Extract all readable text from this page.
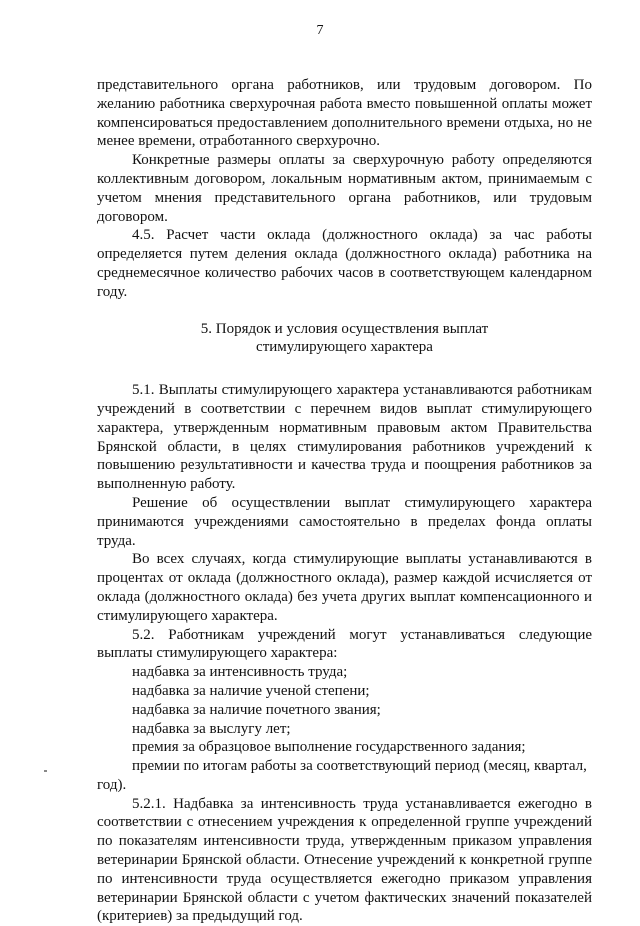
7

представительного органа работников, или трудовым договором. По желанию работника сверхурочная работа вместо повышенной оплаты может компенсироваться предоставлением дополнительного времени отдыха, но не менее времени, отработанного сверхурочно.

Конкретные размеры оплаты за сверхурочную работу определяются коллективным договором, локальным нормативным актом, принимаемым с учетом мнения представительного органа работников, или трудовым договором.

4.5. Расчет части оклада (должностного оклада) за час работы определяется путем деления оклада (должностного оклада) работника на среднемесячное количество рабочих часов в соответствующем календарном году.

5. Порядок и условия осуществления выплат
стимулирующего характера

5.1. Выплаты стимулирующего характера устанавливаются работникам учреждений в соответствии с перечнем видов выплат стимулирующего характера, утвержденным нормативным правовым актом Правительства Брянской области, в целях стимулирования работников учреждений к повышению результативности и качества труда и поощрения работников за выполненную работу.

Решение об осуществлении выплат стимулирующего характера принимаются учреждениями самостоятельно в пределах фонда оплаты труда.

Во всех случаях, когда стимулирующие выплаты устанавливаются в процентах от оклада (должностного оклада), размер каждой исчисляется от оклада (должностного оклада) без учета других выплат компенсационного и стимулирующего характера.

5.2. Работникам учреждений могут устанавливаться следующие выплаты стимулирующего характера:

надбавка за интенсивность труда;
надбавка за наличие ученой степени;
надбавка за наличие почетного звания;
надбавка за выслугу лет;
премия за образцовое выполнение государственного задания;
премии по итогам работы за соответствующий период (месяц, квартал,
год).

5.2.1. Надбавка за интенсивность труда устанавливается ежегодно в соответствии с отнесением учреждения к определенной группе учреждений по показателям интенсивности труда, утвержденным приказом управления ветеринарии Брянской области. Отнесение учреждений к конкретной группе по интенсивности труда осуществляется ежегодно приказом управления ветеринарии Брянской области с учетом фактических значений показателей (критериев) за предыдущий год.
